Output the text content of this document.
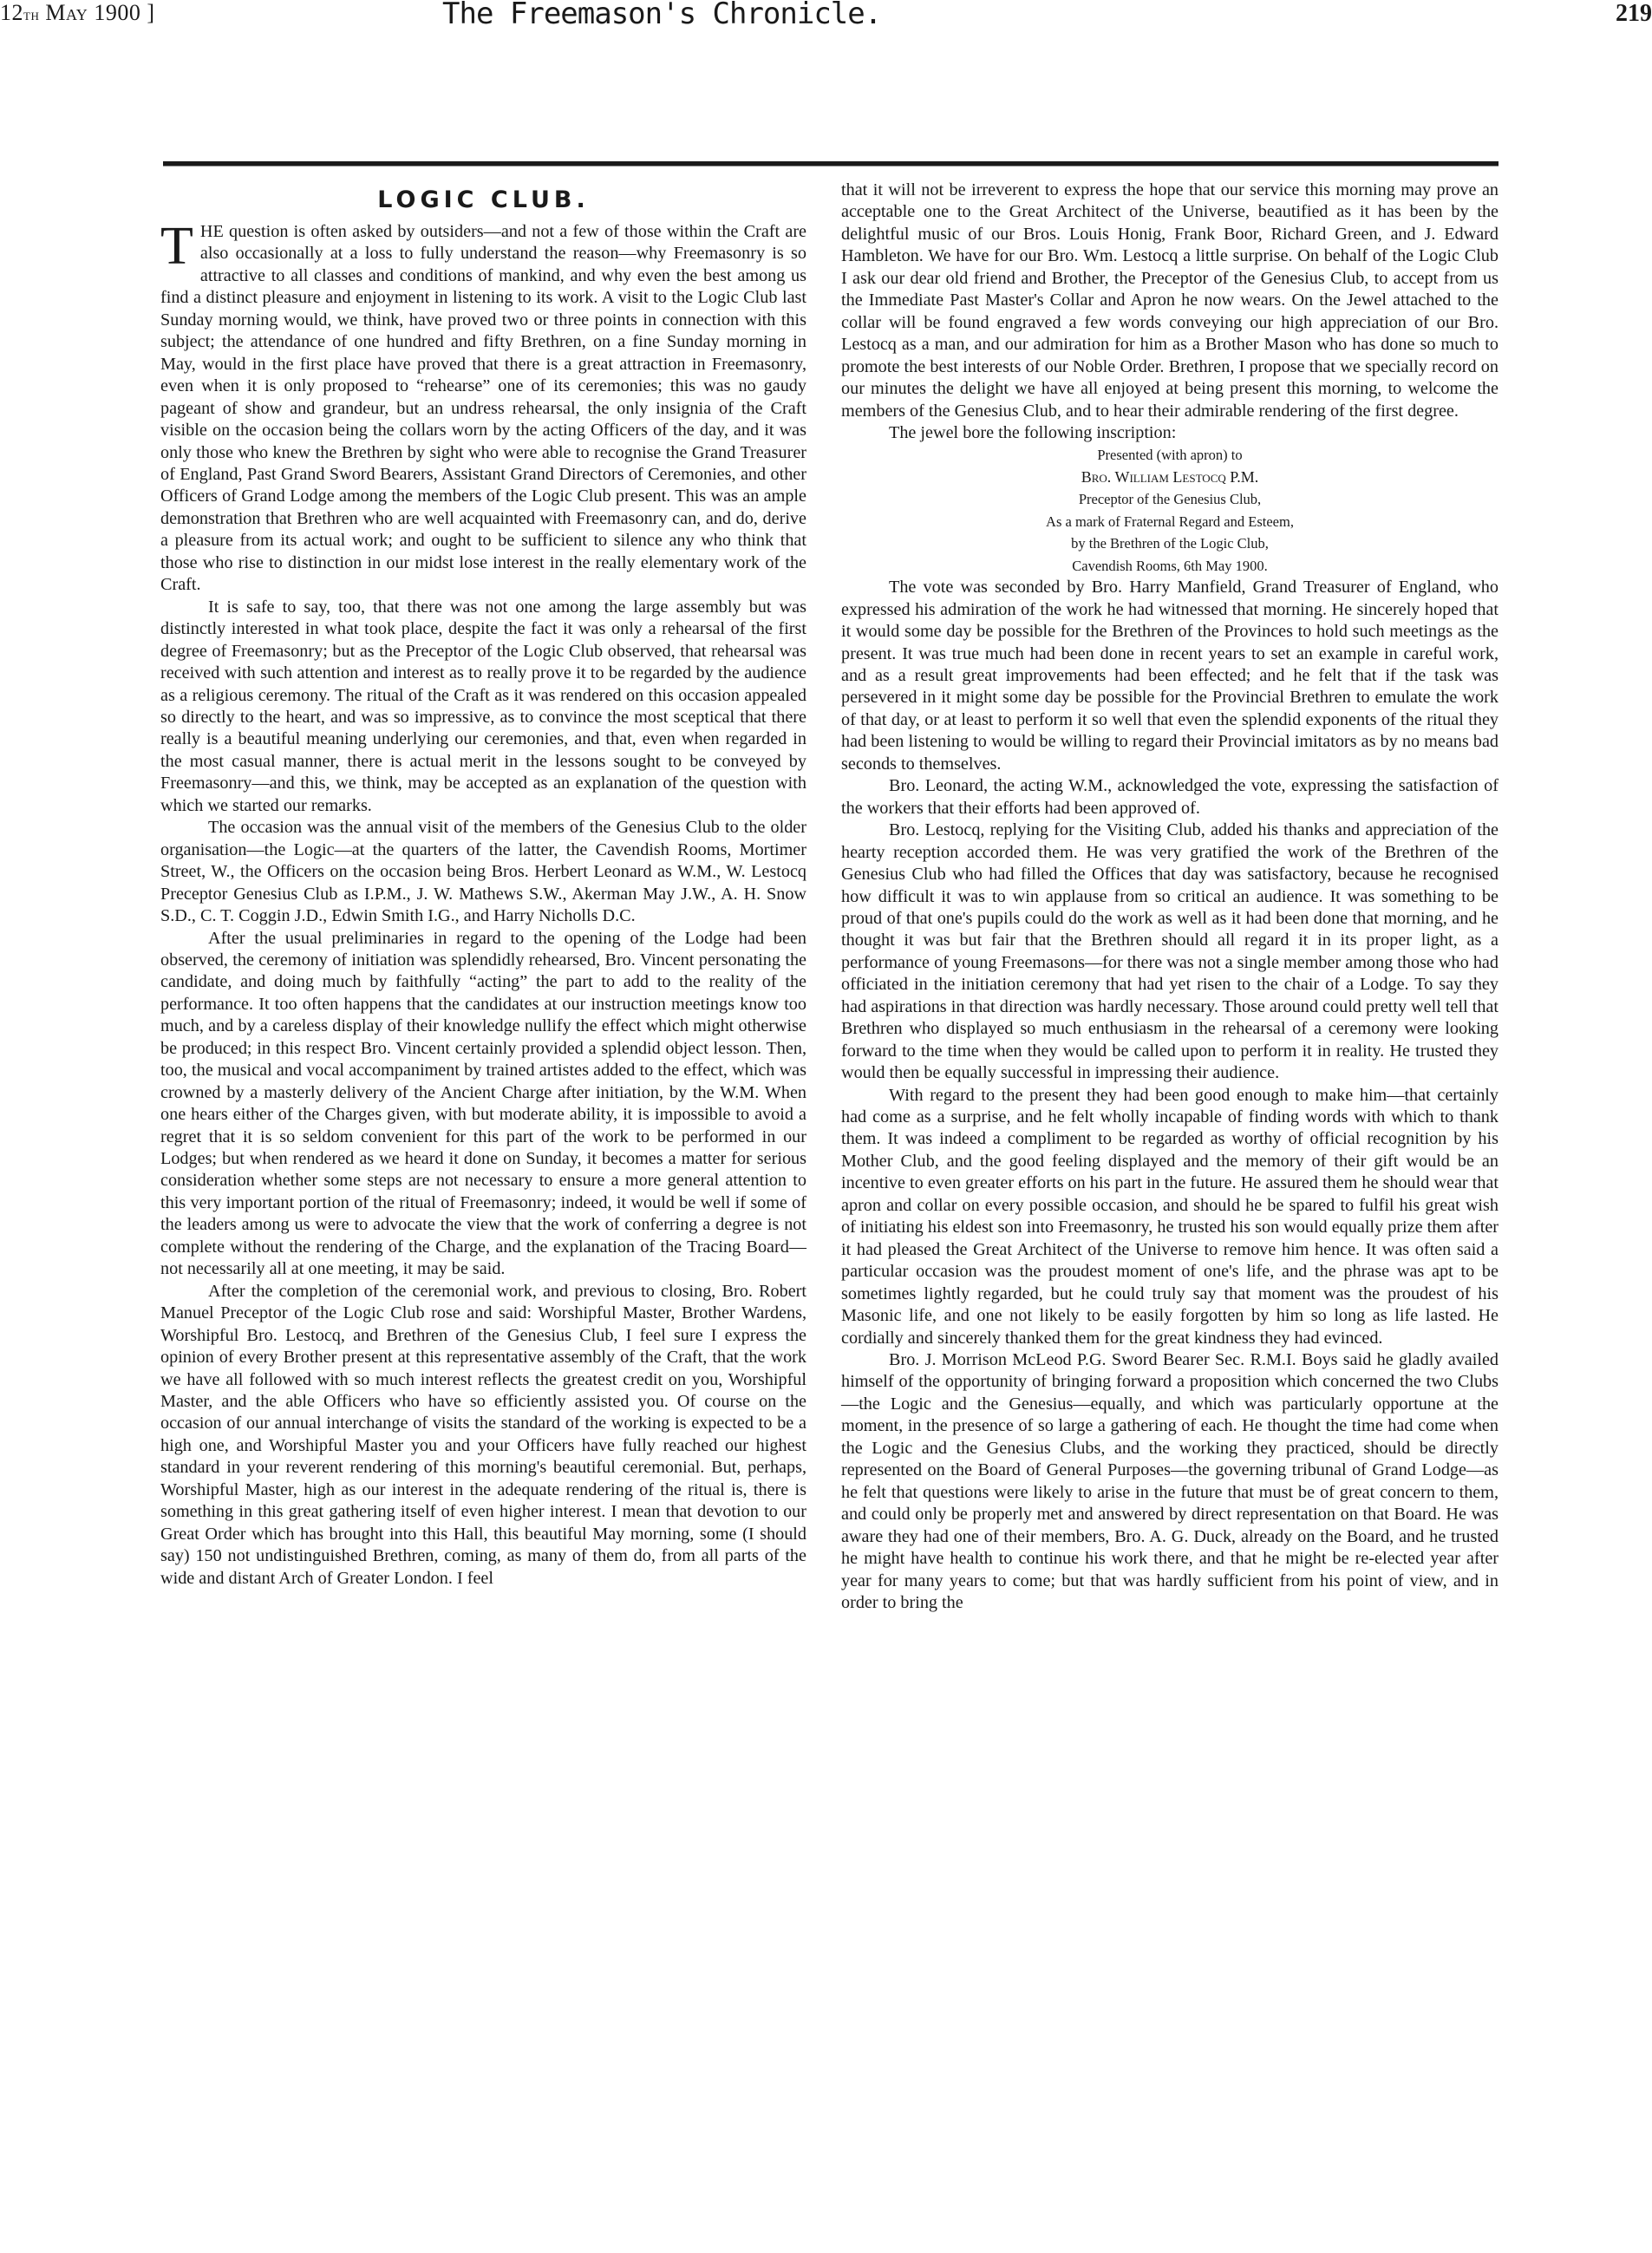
12th May 1900 ]	The Freemason's Chronicle.	219
LOGIC CLUB.

THE question is often asked by outsiders—and not a few of those within the Craft are also occasionally at a loss to fully understand the reason—why Freemasonry is so attractive to all classes and conditions of mankind, and why even the best among us find a distinct pleasure and enjoyment in listening to its work. A visit to the Logic Club last Sunday morning would, we think, have proved two or three points in connection with this subject; the attendance of one hundred and fifty Brethren, on a fine Sunday morning in May, would in the first place have proved that there is a great attraction in Freemasonry, even when it is only proposed to “rehearse” one of its ceremonies; this was no gaudy pageant of show and grandeur, but an undress rehearsal, the only insignia of the Craft visible on the occasion being the collars worn by the acting Officers of the day, and it was only those who knew the Brethren by sight who were able to recognise the Grand Treasurer of England, Past Grand Sword Bearers, Assistant Grand Directors of Ceremonies, and other Officers of Grand Lodge among the members of the Logic Club present. This was an ample demonstration that Brethren who are well acquainted with Freemasonry can, and do, derive a pleasure from its actual work; and ought to be sufficient to silence any who think that those who rise to distinction in our midst lose interest in the really elementary work of the Craft.

It is safe to say, too, that there was not one among the large assembly but was distinctly interested in what took place, despite the fact it was only a rehearsal of the first degree of Freemasonry; but as the Preceptor of the Logic Club observed, that rehearsal was received with such attention and interest as to really prove it to be regarded by the audience as a religious ceremony. The ritual of the Craft as it was rendered on this occasion appealed so directly to the heart, and was so impressive, as to convince the most sceptical that there really is a beautiful meaning underlying our ceremonies, and that, even when regarded in the most casual manner, there is actual merit in the lessons sought to be conveyed by Freemasonry—and this, we think, may be accepted as an explanation of the question with which we started our remarks.

The occasion was the annual visit of the members of the Genesius Club to the older organisation—the Logic—at the quarters of the latter, the Cavendish Rooms, Mortimer Street, W., the Officers on the occasion being Bros. Herbert Leonard as W.M., W. Lestocq Preceptor Genesius Club as I.P.M., J. W. Mathews S.W., Akerman May J.W., A. H. Snow S.D., C. T. Coggin J.D., Edwin Smith I.G., and Harry Nicholls D.C.

After the usual preliminaries in regard to the opening of the Lodge had been observed, the ceremony of initiation was splendidly rehearsed, Bro. Vincent personating the candidate, and doing much by faithfully “acting” the part to add to the reality of the performance. It too often happens that the candidates at our instruction meetings know too much, and by a careless display of their knowledge nullify the effect which might otherwise be produced; in this respect Bro. Vincent certainly provided a splendid object lesson. Then, too, the musical and vocal accompaniment by trained artistes added to the effect, which was crowned by a masterly delivery of the Ancient Charge after initiation, by the W.M. When one hears either of the Charges given, with but moderate ability, it is impossible to avoid a regret that it is so seldom convenient for this part of the work to be performed in our Lodges; but when rendered as we heard it done on Sunday, it becomes a matter for serious consideration whether some steps are not necessary to ensure a more general attention to this very important portion of the ritual of Freemasonry; indeed, it would be well if some of the leaders among us were to advocate the view that the work of conferring a degree is not complete without the rendering of the Charge, and the explanation of the Tracing Board—not necessarily all at one meeting, it may be said.

After the completion of the ceremonial work, and previous to closing, Bro. Robert Manuel Preceptor of the Logic Club rose and said: Worshipful Master, Brother Wardens, Worshipful Bro. Lestocq, and Brethren of the Genesius Club, I feel sure I express the opinion of every Brother present at this representative assembly of the Craft, that the work we have all followed with so much interest reflects the greatest credit on you, Worshipful Master, and the able Officers who have so efficiently assisted you. Of course on the occasion of our annual interchange of visits the standard of the working is expected to be a high one, and Worshipful Master you and your Officers have fully reached our highest standard in your reverent rendering of this morning's beautiful ceremonial. But, perhaps, Worshipful Master, high as our interest in the adequate rendering of the ritual is, there is something in this great gathering itself of even higher interest. I mean that devotion to our Great Order which has brought into this Hall, this beautiful May morning, some (I should say) 150 not undistinguished Brethren, coming, as many of them do, from all parts of the wide and distant Arch of Greater London. I feel

that it will not be irreverent to express the hope that our service this morning may prove an acceptable one to the Great Architect of the Universe, beautified as it has been by the delightful music of our Bros. Louis Honig, Frank Boor, Richard Green, and J. Edward Hambleton. We have for our Bro. Wm. Lestocq a little surprise. On behalf of the Logic Club I ask our dear old friend and Brother, the Preceptor of the Genesius Club, to accept from us the Immediate Past Master's Collar and Apron he now wears. On the Jewel attached to the collar will be found engraved a few words conveying our high appreciation of our Bro. Lestocq as a man, and our admiration for him as a Brother Mason who has done so much to promote the best interests of our Noble Order. Brethren, I propose that we specially record on our minutes the delight we have all enjoyed at being present this morning, to welcome the members of the Genesius Club, and to hear their admirable rendering of the first degree.

The jewel bore the following inscription:

Presented (with apron) to

Bro. William Lestocq P.M.

Preceptor of the Genesius Club,

As a mark of Fraternal Regard and Esteem,

by the Brethren of the Logic Club,

Cavendish Rooms, 6th May 1900.

The vote was seconded by Bro. Harry Manfield, Grand Treasurer of England, who expressed his admiration of the work he had witnessed that morning. He sincerely hoped that it would some day be possible for the Brethren of the Provinces to hold such meetings as the present. It was true much had been done in recent years to set an example in careful work, and as a result great improvements had been effected; and he felt that if the task was persevered in it might some day be possible for the Provincial Brethren to emulate the work of that day, or at least to perform it so well that even the splendid exponents of the ritual they had been listening to would be willing to regard their Provincial imitators as by no means bad seconds to themselves.

Bro. Leonard, the acting W.M., acknowledged the vote, expressing the satisfaction of the workers that their efforts had been approved of.

Bro. Lestocq, replying for the Visiting Club, added his thanks and appreciation of the hearty reception accorded them. He was very gratified the work of the Brethren of the Genesius Club who had filled the Offices that day was satisfactory, because he recognised how difficult it was to win applause from so critical an audience. It was something to be proud of that one's pupils could do the work as well as it had been done that morning, and he thought it was but fair that the Brethren should all regard it in its proper light, as a performance of young Freemasons—for there was not a single member among those who had officiated in the initiation ceremony that had yet risen to the chair of a Lodge. To say they had aspirations in that direction was hardly necessary. Those around could pretty well tell that Brethren who displayed so much enthusiasm in the rehearsal of a ceremony were looking forward to the time when they would be called upon to perform it in reality. He trusted they would then be equally successful in impressing their audience.

With regard to the present they had been good enough to make him—that certainly had come as a surprise, and he felt wholly incapable of finding words with which to thank them. It was indeed a compliment to be regarded as worthy of official recognition by his Mother Club, and the good feeling displayed and the memory of their gift would be an incentive to even greater efforts on his part in the future. He assured them he should wear that apron and collar on every possible occasion, and should he be spared to fulfil his great wish of initiating his eldest son into Freemasonry, he trusted his son would equally prize them after it had pleased the Great Architect of the Universe to remove him hence. It was often said a particular occasion was the proudest moment of one's life, and the phrase was apt to be sometimes lightly regarded, but he could truly say that moment was the proudest of his Masonic life, and one not likely to be easily forgotten by him so long as life lasted. He cordially and sincerely thanked them for the great kindness they had evinced.

Bro. J. Morrison McLeod P.G. Sword Bearer Sec. R.M.I. Boys said he gladly availed himself of the opportunity of bringing forward a proposition which concerned the two Clubs—the Logic and the Genesius—equally, and which was particularly opportune at the moment, in the presence of so large a gathering of each. He thought the time had come when the Logic and the Genesius Clubs, and the working they practiced, should be directly represented on the Board of General Purposes—the governing tribunal of Grand Lodge—as he felt that questions were likely to arise in the future that must be of great concern to them, and could only be properly met and answered by direct representation on that Board. He was aware they had one of their members, Bro. A. G. Duck, already on the Board, and he trusted he might have health to continue his work there, and that he might be re-elected year after year for many years to come; but that was hardly sufficient from his point of view, and in order to bring the
